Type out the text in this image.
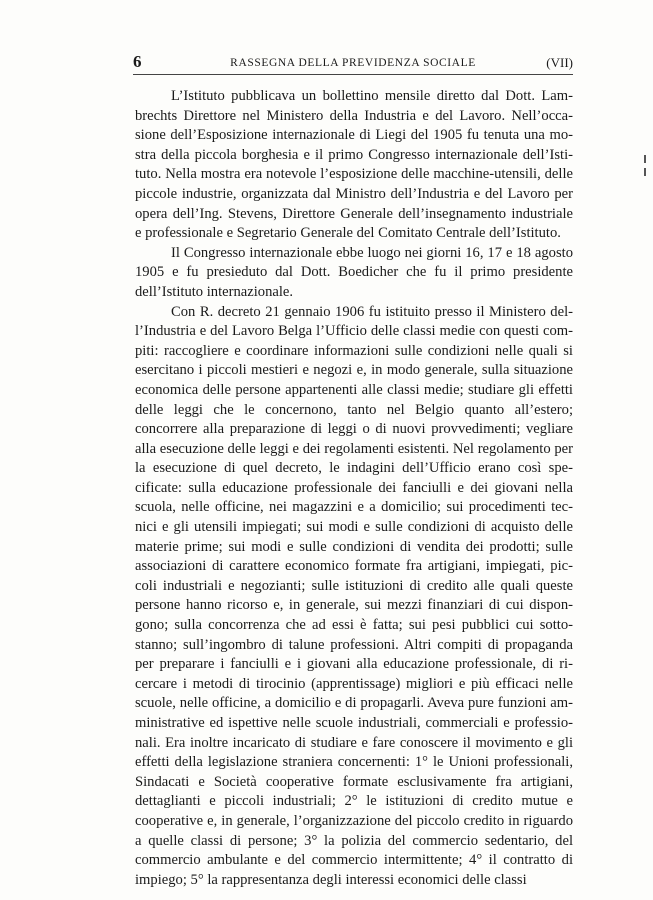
6	RASSEGNA DELLA PREVIDENZA SOCIALE	(VII)

L’Istituto pubblicava un bollettino mensile diretto dal Dott. Lambrechts Direttore nel Ministero della Industria e del Lavoro. Nell’occasione dell’Esposizione internazionale di Liegi del 1905 fu tenuta una mostra della piccola borghesia e il primo Congresso internazionale dell’Istituto. Nella mostra era notevole l’esposizione delle macchine-utensili, delle piccole industrie, organizzata dal Ministro dell’Industria e del Lavoro per opera dell’Ing. Stevens, Direttore Generale dell’insegnamento industriale e professionale e Segretario Generale del Comitato Centrale dell’Istituto.

Il Congresso internazionale ebbe luogo nei giorni 16, 17 e 18 agosto 1905 e fu presieduto dal Dott. Boedicher che fu il primo presidente dell’Istituto internazionale.

Con R. decreto 21 gennaio 1906 fu istituito presso il Ministero dell’Industria e del Lavoro Belga l’Ufficio delle classi medie con questi compiti: raccogliere e coordinare informazioni sulle condizioni nelle quali si esercitano i piccoli mestieri e negozi e, in modo generale, sulla situazione economica delle persone appartenenti alle classi medie; studiare gli effetti delle leggi che le concernono, tanto nel Belgio quanto all’estero; concorrere alla preparazione di leggi o di nuovi provvedimenti; vegliare alla esecuzione delle leggi e dei regolamenti esistenti. Nel regolamento per la esecuzione di quel decreto, le indagini dell’Ufficio erano così specificate: sulla educazione professionale dei fanciulli e dei giovani nella scuola, nelle officine, nei magazzini e a domicilio; sui procedimenti tecnici e gli utensili impiegati; sui modi e sulle condizioni di acquisto delle materie prime; sui modi e sulle condizioni di vendita dei prodotti; sulle associazioni di carattere economico formate fra artigiani, impiegati, piccoli industriali e negozianti; sulle istituzioni di credito alle quali queste persone hanno ricorso e, in generale, sui mezzi finanziari di cui dispongono; sulla concorrenza che ad essi è fatta; sui pesi pubblici cui sottostanno; sull’ingombro di talune professioni. Altri compiti di propaganda per preparare i fanciulli e i giovani alla educazione professionale, di ricercare i metodi di tirocinio (apprentissage) migliori e più efficaci nelle scuole, nelle officine, a domicilio e di propagarli. Aveva pure funzioni amministrative ed ispettive nelle scuole industriali, commerciali e professionali. Era inoltre incaricato di studiare e fare conoscere il movimento e gli effetti della legislazione straniera concernenti: 1° le Unioni professionali, Sindacati e Società cooperative formate esclusivamente fra artigiani, dettaglianti e piccoli industriali; 2° le istituzioni di credito mutue e cooperative e, in generale, l’organizzazione del piccolo credito in riguardo a quelle classi di persone; 3° la polizia del commercio sedentario, del commercio ambulante e del commercio intermittente; 4° il contratto di impiego; 5° la rappresentanza degli interessi economici delle classi
